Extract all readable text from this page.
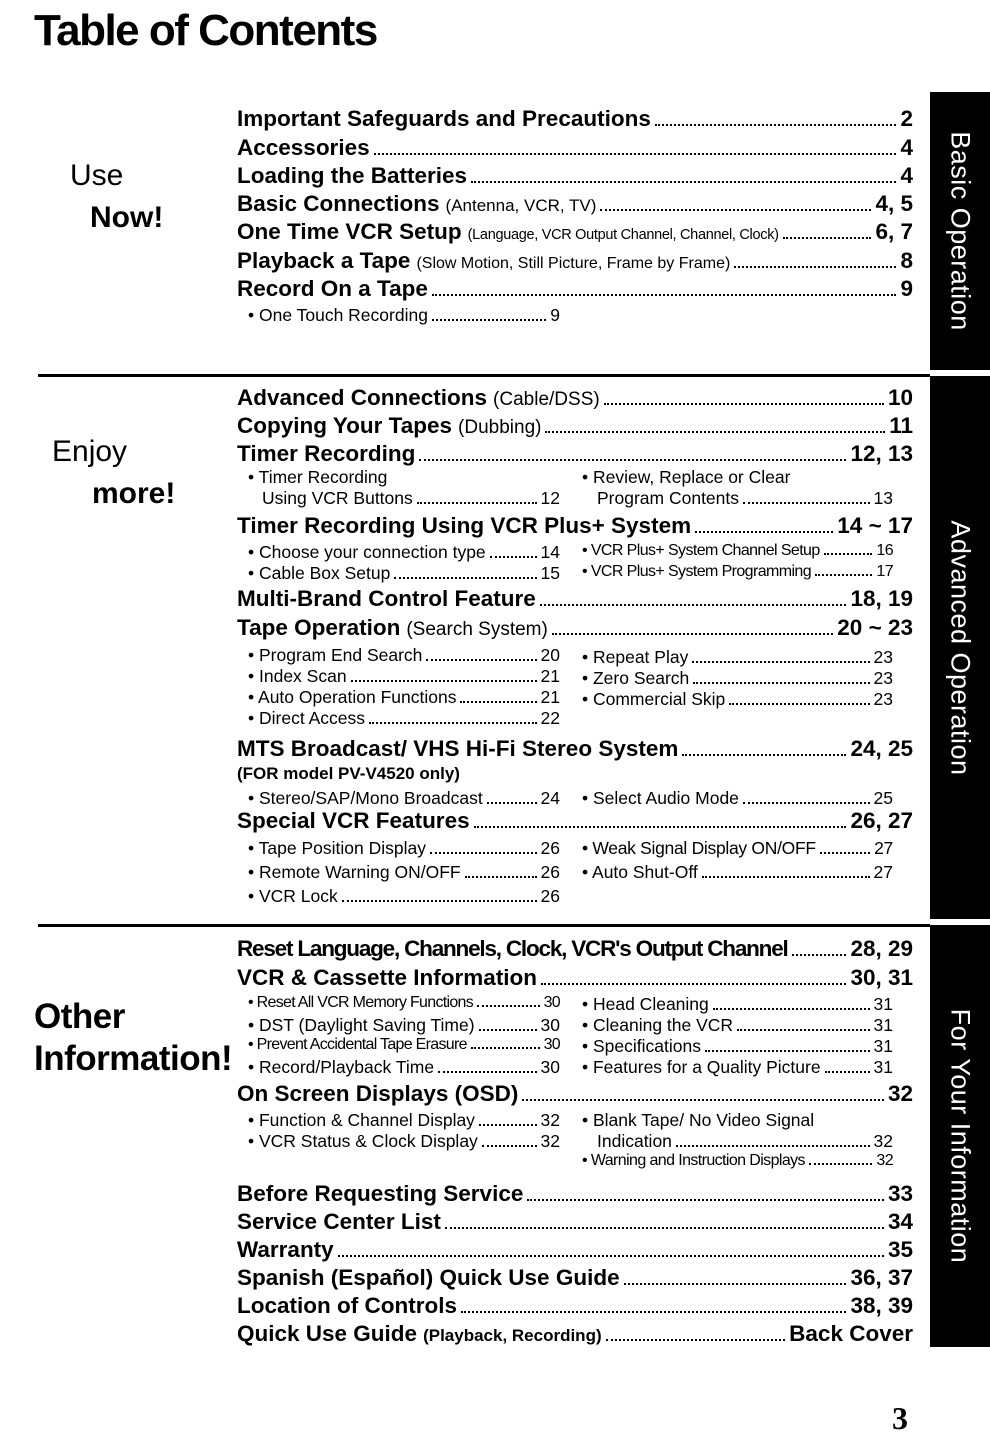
Table of Contents
Basic Operation
Advanced Operation
For Your Information
Use
Now!
Enjoy
more!
Other
Information!
Important Safeguards and Precautions	2
Accessories	4
Loading the Batteries	4
Basic Connections (Antenna, VCR, TV)	4, 5
One Time VCR Setup (Language, VCR Output Channel, Channel, Clock)	6, 7
Playback a Tape (Slow Motion, Still Picture, Frame by Frame)	8
Record On a Tape	9
• One Touch Recording	9
Advanced Connections (Cable/DSS)	10
Copying Your Tapes (Dubbing)	11
Timer Recording	12, 13
• Timer Recording
Using VCR Buttons	12
• Review, Replace or Clear
Program Contents	13
Timer Recording Using VCR Plus+ System	14 ~ 17
• Choose your connection type	14
• Cable Box Setup	15
• VCR Plus+ System Channel Setup	16
• VCR Plus+ System Programming	17
Multi-Brand Control Feature	18, 19
Tape Operation (Search System)	20 ~ 23
• Program End Search	20
• Index Scan	21
• Auto Operation Functions	21
• Direct Access	22
• Repeat Play	23
• Zero Search	23
• Commercial Skip	23
MTS Broadcast/ VHS Hi-Fi Stereo System	24, 25
(FOR model PV-V4520 only)
• Stereo/SAP/Mono Broadcast	24 • Select Audio Mode	25
Special VCR Features	26, 27
• Tape Position Display	26
• Remote Warning ON/OFF	26
• VCR Lock	26
• Weak Signal Display ON/OFF	27
• Auto Shut-Off	27
Reset Language, Channels, Clock, VCR's Output Channel	28, 29
VCR & Cassette Information	30, 31
• Reset All VCR Memory Functions	30
• DST (Daylight Saving Time)	30
• Prevent Accidental Tape Erasure	30
• Record/Playback Time	30
• Head Cleaning	31
• Cleaning the VCR	31
• Specifications	31
• Features for a Quality Picture	31
On Screen Displays (OSD)	32
• Function & Channel Display	32
• VCR Status & Clock Display	32
• Blank Tape/ No Video Signal
Indication	32
• Warning and Instruction Displays	32
Before Requesting Service	33
Service Center List	34
Warranty	35
Spanish (Español) Quick Use Guide	36, 37
Location of Controls	38, 39
Quick Use Guide (Playback, Recording)	Back Cover
3
